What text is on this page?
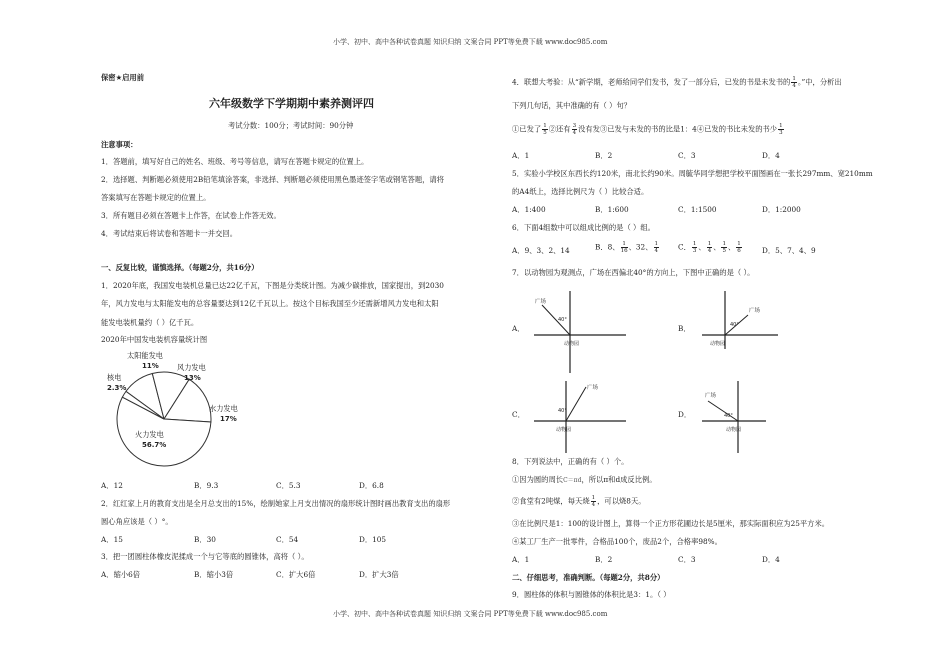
小学、初中、高中各种试卷真题 知识归纳 文案合同 PPT等免费下载 www.doc985.com
小学、初中、高中各种试卷真题 知识归纳 文案合同 PPT等免费下载 www.doc985.com
保密★启用前
六年级数学下学期期中素养测评四
考试分数：100分；考试时间：90分钟
注意事项：
1．答题前，填写好自己的姓名、班级、考号等信息，请写在答题卡规定的位置上。
2．选择题、判断题必须使用2B铅笔填涂答案，非选择、判断题必须使用黑色墨迹签字笔或钢笔答题，请将
答案填写在答题卡规定的位置上。
3．所有题目必须在答题卡上作答，在试卷上作答无效。
4．考试结束后将试卷和答题卡一并交回。
一、反复比较，谨慎选择。（每题2分，共16分）
1．2020年底，我国发电装机总量已达22亿千瓦，下图是分类统计图。为减少碳排放，国家提出，到2030
年，风力发电与太阳能发电的总容量要达到12亿千瓦以上。按这个目标我国至少还需新增风力发电和太阳
能发电装机量约（ ）亿千瓦。
2020年中国发电装机容量统计图
太阳能发电
11%	风力发电
13%
水力发电
17%
火力发电
56.7%
核电
2.3%
A．12	B．9.3	C．5.3	D．6.8
2．红红家上月的教育支出是全月总支出的15%，绘制她家上月支出情况的扇形统计图时画出教育支出的扇形
圆心角应该是（ ）°。
A．15	B．30	C．54	D．105
3．把一团圆柱体橡皮泥揉成一个与它等底的圆锥体，高将（ ）。
A．缩小6倍	B．缩小3倍	C．扩大6倍	D．扩大3倍
4．联想大考验：从“新学期，老师给同学们发书，发了一部分后，已发的书是未发书的 $\frac{1}{4}$ 。”中，分析出
下列几句话，其中准确的有（ ）句？
①已发了 $\frac{1}{5}$ ②还有 $\frac{3}{4}$ 没有发③已发与未发的书的比是1：4④已发的书比未发的书少 $\frac{1}{3}$
A．1	B．2	C．3	D．4
5．实验小学校区东西长约120米，南北长约90米。周毓华同学想把学校平面图画在一张长297mm、宽210mm
的A4纸上，选择比例尺为（ ）比较合适。
A．1:400	B．1:600	C．1:1500	D．1:2000
6．下面4组数中可以组成比例的是（ ）组。
A．9、3、2、14	B．8、 $\frac{1}{16}$ 、32、 $\frac{1}{4}$	C． $\frac{1}{3}$ 、 $\frac{1}{4}$ 、 $\frac{1}{5}$ 、 $\frac{1}{6}$	D．5、7、4、9
7．以动物园为观测点，广场在西偏北40°的方向上，下图中正确的是（ ）。
A．
广场
40°
动物园
B．
广场
40°
动物园
C．
广场
40°
动物园
D．
广场
40°
动物园
8．下列说法中，正确的有（ ）个。
①因为圆的周长C＝πd，所以π和d成反比例。
②食堂有2吨煤，每天烧 $\frac{1}{4}$ ，可以烧8天。
③在比例尺是1：100的设计图上，算得一个正方形花圃边长是5厘米，那实际面积应为25平方米。
④某工厂生产一批零件，合格品100个，废品2个，合格率98%。
A．1	B．2	C．3	D．4
二、仔细思考，准确判断。（每题2分，共8分）
9．圆柱体的体积与圆锥体的体积比是3：1。（ ）
